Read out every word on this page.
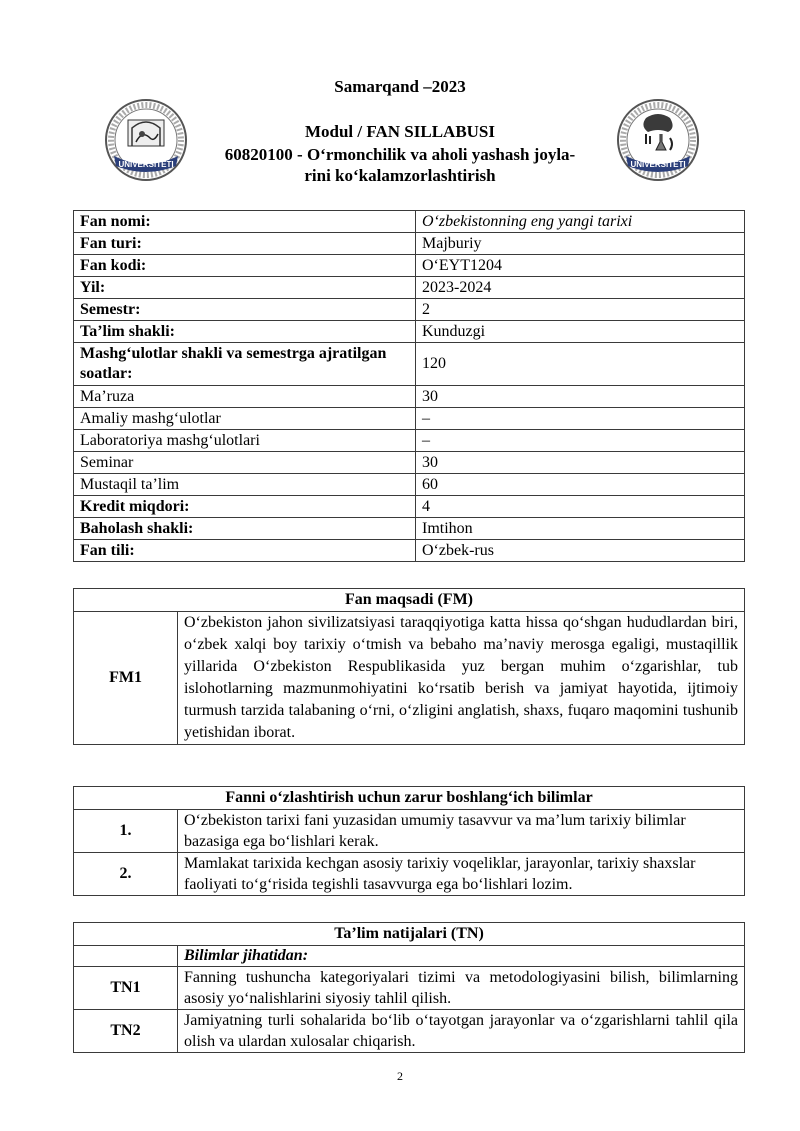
Samarqand –2023
Modul / FAN SILLABUSI
60820100 - O‘rmonchilik va aholi yashash joyla-
rini ko‘kalamzorlashtirish
UNIVERSITETI	UNIVERSITETI
Fan nomi:	O‘zbekistonning eng yangi tarixi
Fan turi:	Majburiy
Fan kodi:	O‘EYT1204
Yil:	2023-2024
Semestr:	2
Ta’lim shakli:	Kunduzgi
Mashg‘ulotlar shakli va semestrga ajratilgan soatlar:	120
Ma’ruza	30
Amaliy mashg‘ulotlar	–
Laboratoriya mashg‘ulotlari	–
Seminar	30
Mustaqil ta’lim	60
Kredit miqdori:	4
Baholash shakli:	Imtihon
Fan tili:	O‘zbek-rus
Fan maqsadi (FM)
FM1	O‘zbekiston jahon sivilizatsiyasi taraqqiyotiga katta hissa qo‘shgan hududlardan biri, o‘zbek xalqi boy tarixiy o‘tmish va bebaho ma’naviy merosga egaligi, mustaqillik yillarida O‘zbekiston Respublikasida yuz bergan muhim o‘zgarishlar, tub islohotlarning mazmunmohiyatini ko‘rsatib berish va jamiyat hayotida, ijtimoiy turmush tarzida talabaning o‘rni, o‘zligini anglatish, shaxs, fuqaro maqomini tushunib yetishidan iborat.
Fanni o‘zlashtirish uchun zarur boshlang‘ich bilimlar	
1.	O‘zbekiston tarixi fani yuzasidan umumiy tasavvur va ma’lum tarixiy bilimlar bazasiga ega bo‘lishlari kerak.
2.	Mamlakat tarixida kechgan asosiy tarixiy voqeliklar, jarayonlar, tarixiy shaxslar faoliyati to‘g‘risida tegishli tasavvurga ega bo‘lishlari lozim.
Ta’lim natijalari (TN)	
	Bilimlar jihatidan:
TN1	Fanning tushuncha kategoriyalari tizimi va metodologiyasini bilish, bilimlarning asosiy yo‘nalishlarini siyosiy tahlil qilish.
TN2	Jamiyatning turli sohalarida bo‘lib o‘tayotgan jarayonlar va o‘zgarishlarni tahlil qila olish va ulardan xulosalar chiqarish.
2
